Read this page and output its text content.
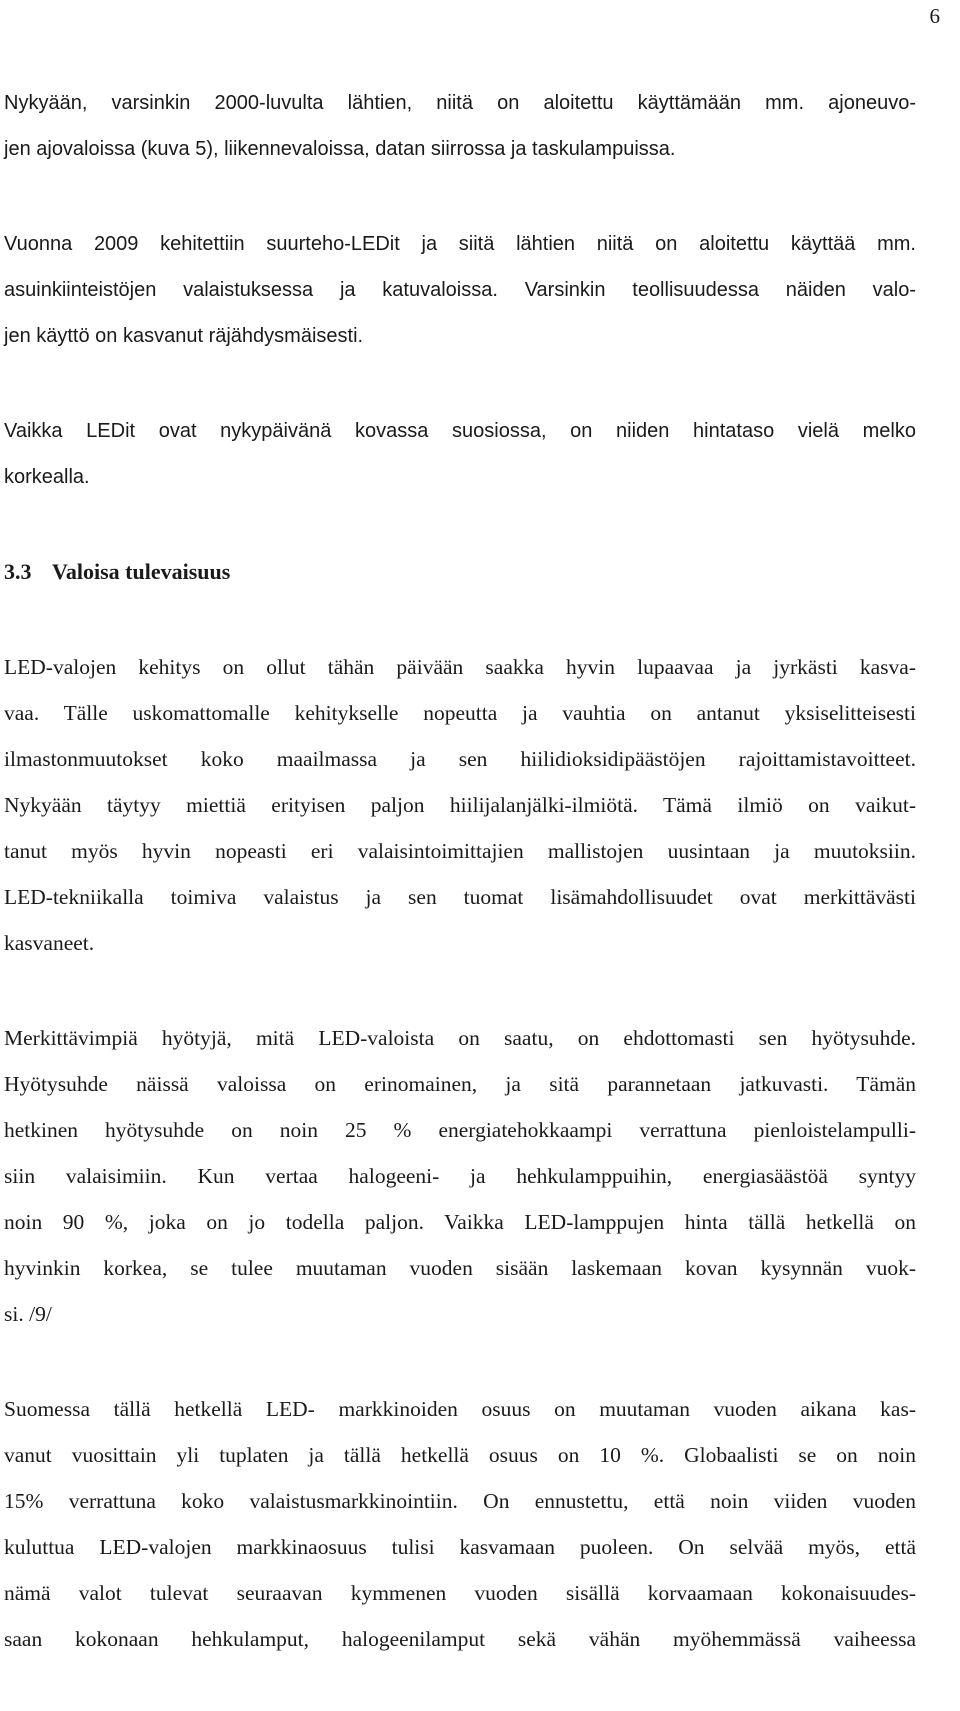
6
Nykyään, varsinkin 2000-luvulta lähtien, niitä on aloitettu käyttämään mm. ajoneuvo-
jen ajovaloissa (kuva 5), liikennevaloissa, datan siirrossa ja taskulampuissa.
Vuonna 2009 kehitettiin suurteho-LEDit ja siitä lähtien niitä on aloitettu käyttää mm.
asuinkiinteistöjen valaistuksessa ja katuvaloissa. Varsinkin teollisuudessa näiden valo-
jen käyttö on kasvanut räjähdysmäisesti.
Vaikka LEDit ovat nykypäivänä kovassa suosiossa, on niiden hintataso vielä melko
korkealla.
3.3 Valoisa tulevaisuus
LED-valojen kehitys on ollut tähän päivään saakka hyvin lupaavaa ja jyrkästi kasva-
vaa. Tälle uskomattomalle kehitykselle nopeutta ja vauhtia on antanut yksiselitteisesti
ilmastonmuutokset koko maailmassa ja sen hiilidioksidipäästöjen rajoittamistavoitteet.
Nykyään täytyy miettiä erityisen paljon hiilijalanjälki-ilmiötä. Tämä ilmiö on vaikut-
tanut myös hyvin nopeasti eri valaisintoimittajien mallistojen uusintaan ja muutoksiin.
LED-tekniikalla toimiva valaistus ja sen tuomat lisämahdollisuudet ovat merkittävästi
kasvaneet.
Merkittävimpiä hyötyjä, mitä LED-valoista on saatu, on ehdottomasti sen hyötysuhde.
Hyötysuhde näissä valoissa on erinomainen, ja sitä parannetaan jatkuvasti. Tämän
hetkinen hyötysuhde on noin 25 % energiatehokkaampi verrattuna pienloistelampulli-
siin valaisimiin. Kun vertaa halogeeni- ja hehkulamppuihin, energiasäästöä syntyy
noin 90 %, joka on jo todella paljon. Vaikka LED-lamppujen hinta tällä hetkellä on
hyvinkin korkea, se tulee muutaman vuoden sisään laskemaan kovan kysynnän vuok-
si. /9/
Suomessa tällä hetkellä LED- markkinoiden osuus on muutaman vuoden aikana kas-
vanut vuosittain yli tuplaten ja tällä hetkellä osuus on 10 %. Globaalisti se on noin
15% verrattuna koko valaistusmarkkinointiin. On ennustettu, että noin viiden vuoden
kuluttua LED-valojen markkinaosuus tulisi kasvamaan puoleen. On selvää myös, että
nämä valot tulevat seuraavan kymmenen vuoden sisällä korvaamaan kokonaisuudes-
saan kokonaan hehkulamput, halogeenilamput sekä vähän myöhemmässä vaiheessa
